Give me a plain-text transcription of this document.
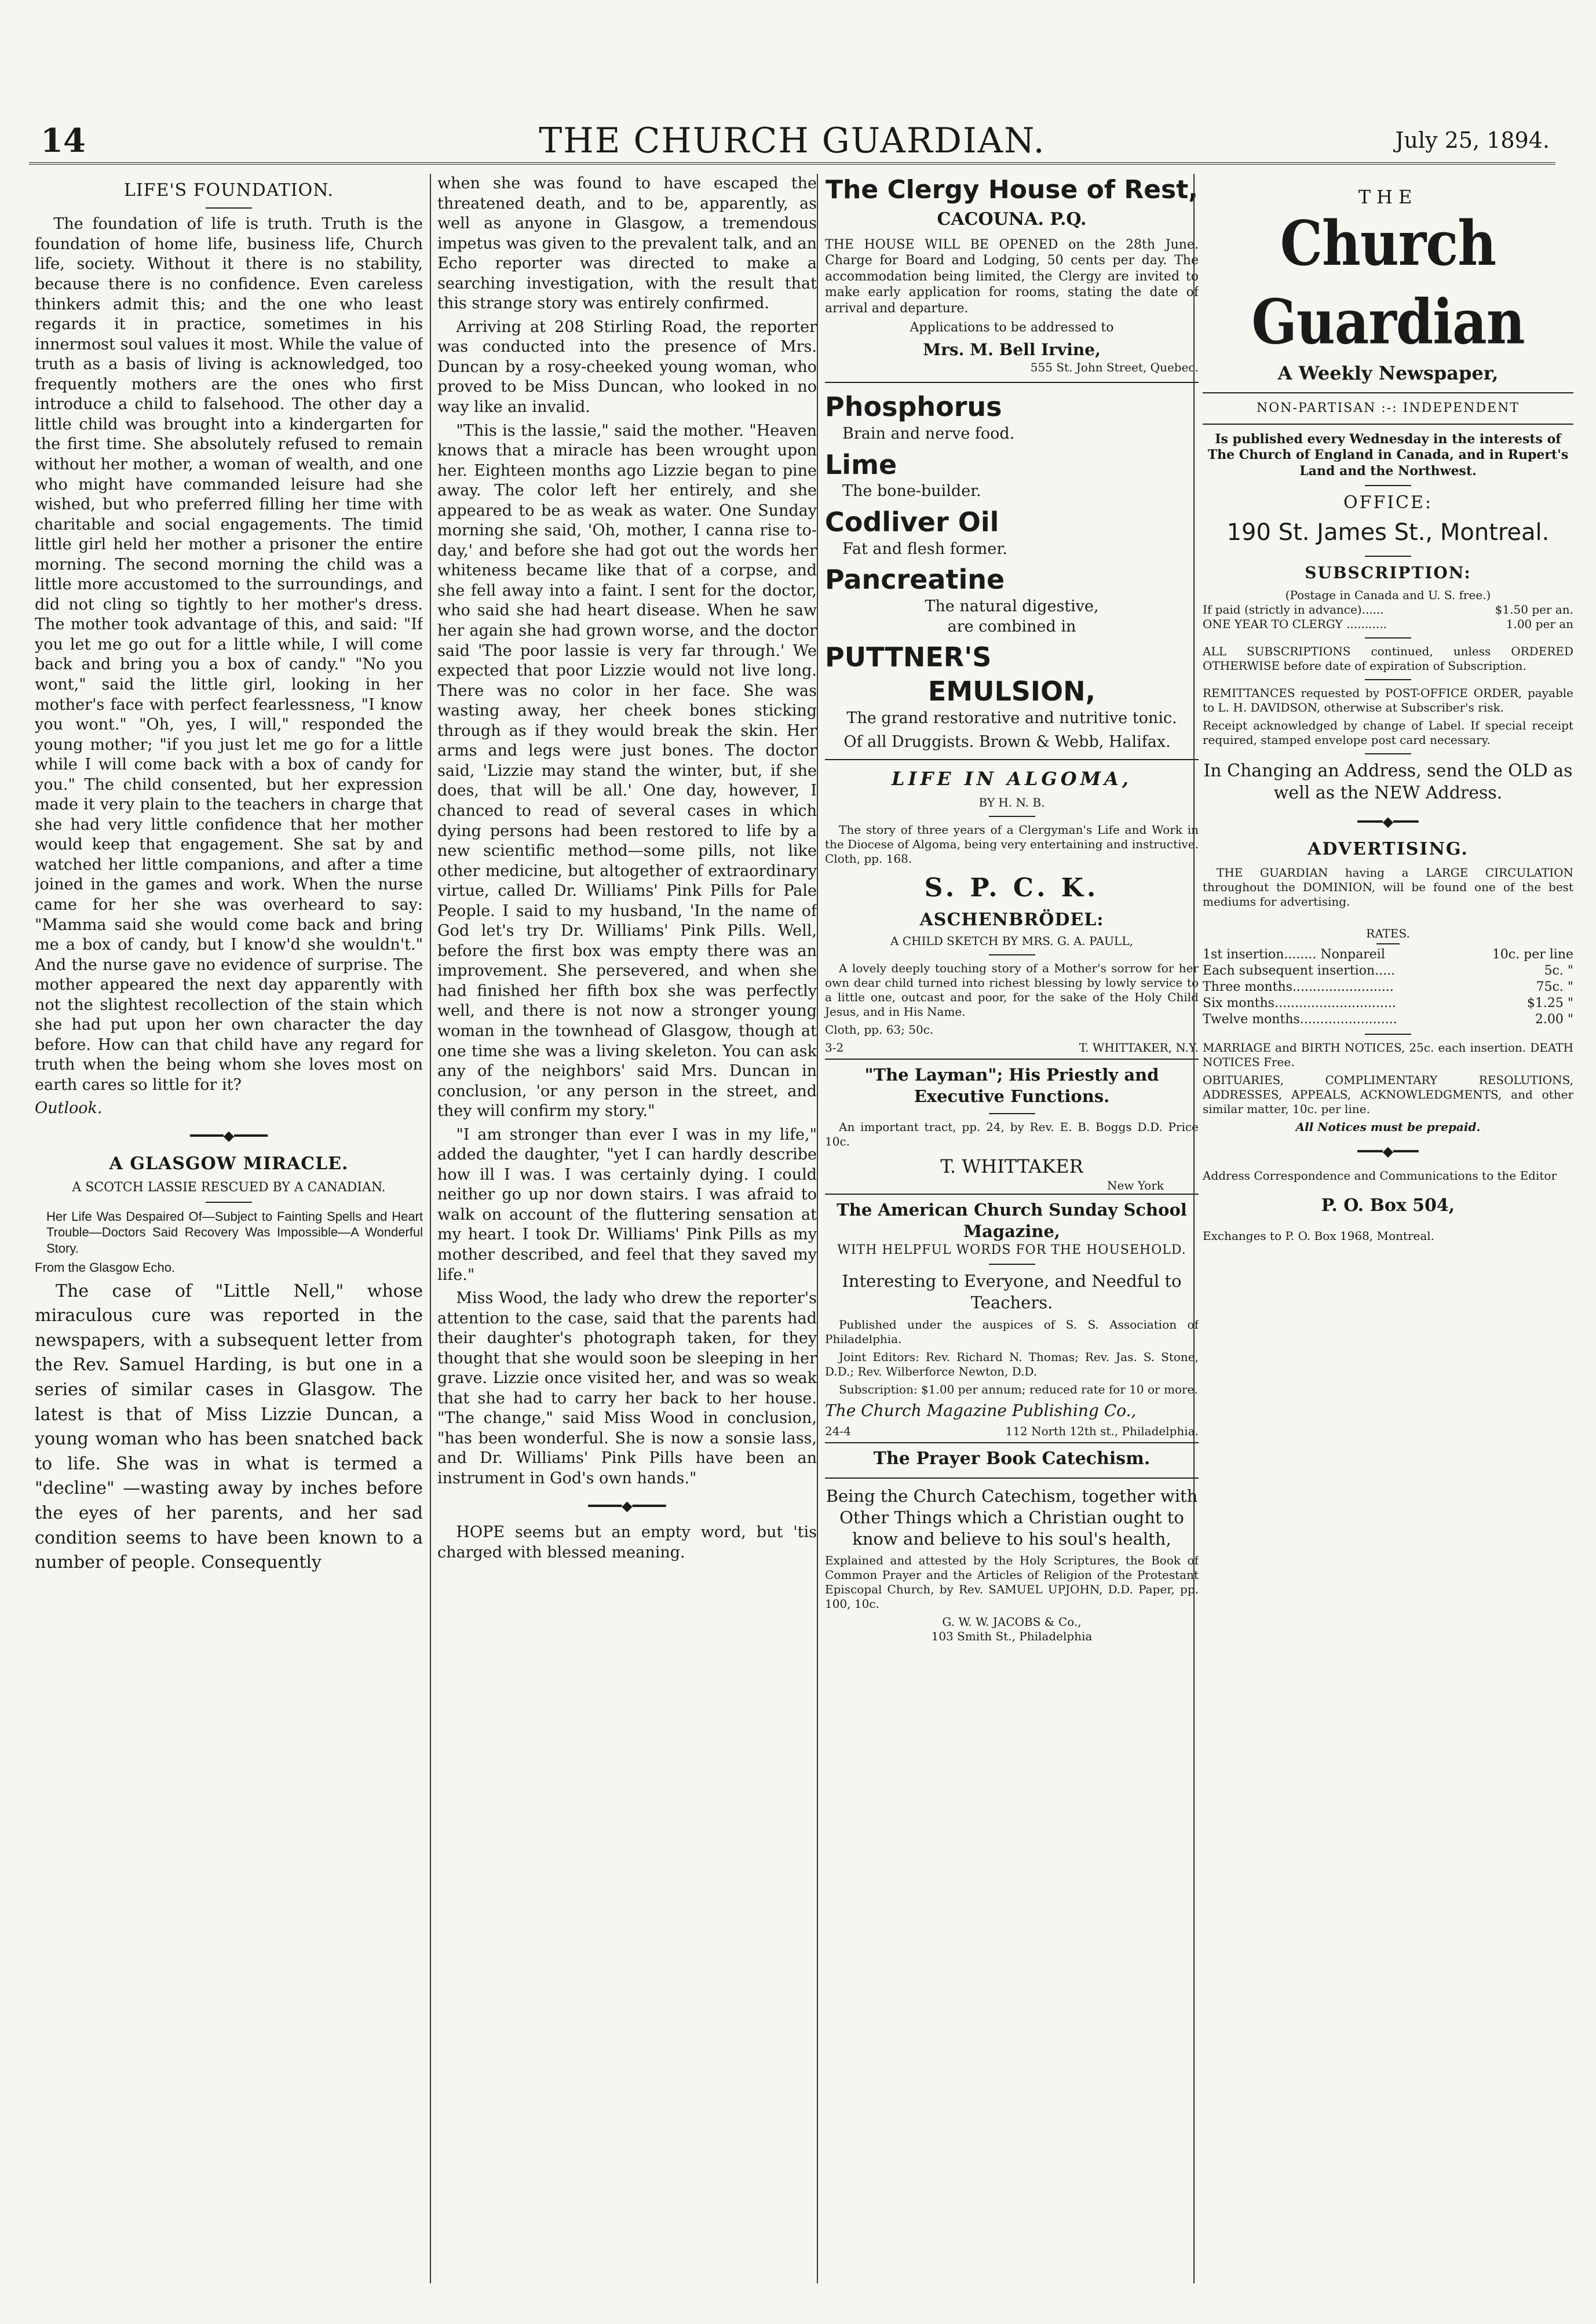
14	THE CHURCH GUARDIAN.	July 25, 1894.
LIFE'S FOUNDATION.

The foundation of life is truth. Truth is the foundation of home life, business life, Church life, society. Without it there is no stability, because there is no confidence. Even careless thinkers admit this; and the one who least regards it in practice, sometimes in his innermost soul values it most. While the value of truth as a basis of living is acknowledged, too frequently mothers are the ones who first introduce a child to falsehood. The other day a little child was brought into a kindergarten for the first time. She absolutely refused to remain without her mother, a woman of wealth, and one who might have commanded leisure had she wished, but who preferred filling her time with charitable and social engagements. The timid little girl held her mother a prisoner the entire morning. The second morning the child was a little more accustomed to the surroundings, and did not cling so tightly to her mother's dress. The mother took advantage of this, and said: "If you let me go out for a little while, I will come back and bring you a box of candy." "No you wont," said the little girl, looking in her mother's face with perfect fearlessness, "I know you wont." "Oh, yes, I will," responded the young mother; "if you just let me go for a little while I will come back with a box of candy for you." The child consented, but her expression made it very plain to the teachers in charge that she had very little confidence that her mother would keep that engagement. She sat by and watched her little companions, and after a time joined in the games and work. When the nurse came for her she was overheard to say: "Mamma said she would come back and bring me a box of candy, but I know'd she wouldn't." And the nurse gave no evidence of surprise. The mother appeared the next day apparently with not the slightest recollection of the stain which she had put upon her own character the day before. How can that child have any regard for truth when the being whom she loves most on earth cares so little for it?

Outlook.

━━━━◆━━━━
A GLASGOW MIRACLE.

A SCOTCH LASSIE RESCUED BY A CANADIAN.

Her Life Was Despaired Of—Subject to Fainting Spells and Heart Trouble—Doctors Said Recovery Was Impossible—A Wonderful Story.

From the Glasgow Echo.

The case of "Little Nell," whose miraculous cure was reported in the newspapers, with a subsequent letter from the Rev. Samuel Harding, is but one in a series of similar cases in Glasgow. The latest is that of Miss Lizzie Duncan, a young woman who has been snatched back to life. She was in what is termed a "decline" —wasting away by inches before the eyes of her parents, and her sad condition seems to have been known to a number of people. Consequently

when she was found to have escaped the threatened death, and to be, apparently, as well as anyone in Glasgow, a tremendous impetus was given to the prevalent talk, and an Echo reporter was directed to make a searching investigation, with the result that this strange story was entirely confirmed.

Arriving at 208 Stirling Road, the reporter was conducted into the presence of Mrs. Duncan by a rosy-cheeked young woman, who proved to be Miss Duncan, who looked in no way like an invalid.

"This is the lassie," said the mother. "Heaven knows that a miracle has been wrought upon her. Eighteen months ago Lizzie began to pine away. The color left her entirely, and she appeared to be as weak as water. One Sunday morning she said, 'Oh, mother, I canna rise to-day,' and before she had got out the words her whiteness became like that of a corpse, and she fell away into a faint. I sent for the doctor, who said she had heart disease. When he saw her again she had grown worse, and the doctor said 'The poor lassie is very far through.' We expected that poor Lizzie would not live long. There was no color in her face. She was wasting away, her cheek bones sticking through as if they would break the skin. Her arms and legs were just bones. The doctor said, 'Lizzie may stand the winter, but, if she does, that will be all.' One day, however, I chanced to read of several cases in which dying persons had been restored to life by a new scientific method—some pills, not like other medicine, but altogether of extraordinary virtue, called Dr. Williams' Pink Pills for Pale People. I said to my husband, 'In the name of God let's try Dr. Williams' Pink Pills. Well, before the first box was empty there was an improvement. She persevered, and when she had finished her fifth box she was perfectly well, and there is not now a stronger young woman in the townhead of Glasgow, though at one time she was a living skeleton. You can ask any of the neighbors' said Mrs. Duncan in conclusion, 'or any person in the street, and they will confirm my story."

"I am stronger than ever I was in my life," added the daughter, "yet I can hardly describe how ill I was. I was certainly dying. I could neither go up nor down stairs. I was afraid to walk on account of the fluttering sensation at my heart. I took Dr. Williams' Pink Pills as my mother described, and feel that they saved my life."

Miss Wood, the lady who drew the reporter's attention to the case, said that the parents had their daughter's photograph taken, for they thought that she would soon be sleeping in her grave. Lizzie once visited her, and was so weak that she had to carry her back to her house. "The change," said Miss Wood in conclusion, "has been wonderful. She is now a sonsie lass, and Dr. Williams' Pink Pills have been an instrument in God's own hands."

━━━━◆━━━━

HOPE seems but an empty word, but 'tis charged with blessed meaning.

The Clergy House of Rest,
CACOUNA. P.Q.

THE HOUSE WILL BE OPENED on the 28th June. Charge for Board and Lodging, 50 cents per day. The accommodation being limited, the Clergy are invited to make early application for rooms, stating the date of arrival and departure.

Applications to be addressed to

Mrs. M. Bell Irvine,
555 St. John Street, Quebec.
Phosphorus

Brain and nerve food.

Lime

The bone-builder.

Codliver Oil

Fat and flesh former.

Pancreatine

The natural digestive,

are combined in

PUTTNER'S
EMULSION,

The grand restorative and nutritive tonic.

Of all Druggists. Brown & Webb, Halifax.

LIFE IN ALGOMA,
BY H. N. B.

The story of three years of a Clergyman's Life and Work in the Diocese of Algoma, being very entertaining and instructive. Cloth, pp. 168.

S. P. C. K.
ASCHENBRÖDEL:
A CHILD SKETCH BY MRS. G. A. PAULL,

A lovely deeply touching story of a Mother's sorrow for her own dear child turned into richest blessing by lowly service to a little one, outcast and poor, for the sake of the Holy Child Jesus, and in His Name.

Cloth, pp. 63; 50c.

3-2	T. WHITTAKER, N.Y.
"The Layman"; His Priestly and Executive Functions.

An important tract, pp. 24, by Rev. E. B. Boggs D.D. Price 10c.

T. WHITTAKER
New York
The American Church Sunday School Magazine,

WITH HELPFUL WORDS FOR THE HOUSEHOLD.

Interesting to Everyone, and Needful to Teachers.

Published under the auspices of S. S. Association of Philadelphia.

Joint Editors: Rev. Richard N. Thomas; Rev. Jas. S. Stone, D.D.; Rev. Wilberforce Newton, D.D.

Subscription: $1.00 per annum; reduced rate for 10 or more.

The Church Magazine Publishing Co.,

24-4	112 North 12th st., Philadelphia.
The Prayer Book Catechism.

Being the Church Catechism, together with Other Things which a Christian ought to know and believe to his soul's health,

Explained and attested by the Holy Scriptures, the Book of Common Prayer and the Articles of Religion of the Protestant Episcopal Church, by Rev. SAMUEL UPJOHN, D.D. Paper, pp. 100, 10c.

G. W. W. JACOBS & Co.,
103 Smith St., Philadelphia
THE
Church Guardian
A Weekly Newspaper,
NON-PARTISAN :-: INDEPENDENT

Is published every Wednesday in the interests of The Church of England in Canada, and in Rupert's Land and the Northwest.

OFFICE:
190 St. James St., Montreal.
SUBSCRIPTION:
(Postage in Canada and U. S. free.)
If paid (strictly in advance)......	$1.50 per an.
ONE YEAR TO CLERGY ...........	1.00 per an

ALL SUBSCRIPTIONS continued, unless ORDERED OTHERWISE before date of expiration of Subscription.

REMITTANCES requested by POST-OFFICE ORDER, payable to L. H. DAVIDSON, otherwise at Subscriber's risk.

Receipt acknowledged by change of Label. If special receipt required, stamped envelope post card necessary.

In Changing an Address, send the OLD as well as the NEW Address.

━━━◆━━━
ADVERTISING.

THE GUARDIAN having a LARGE CIRCULATION throughout the DOMINION, will be found one of the best mediums for advertising.

RATES.
1st insertion........ Nonpareil	10c. per line
Each subsequent insertion.....	5c. "
Three months.........................	75c. "
Six months..............................	$1.25 "
Twelve months........................	2.00 "

MARRIAGE and BIRTH NOTICES, 25c. each insertion. DEATH NOTICES Free.

OBITUARIES, COMPLIMENTARY RESOLUTIONS, ADDRESSES, APPEALS, ACKNOWLEDGMENTS, and other similar matter, 10c. per line.

All Notices must be prepaid.

━━━◆━━━

Address Correspondence and Communications to the Editor

P. O. Box 504,

Exchanges to P. O. Box 1968, Montreal.
